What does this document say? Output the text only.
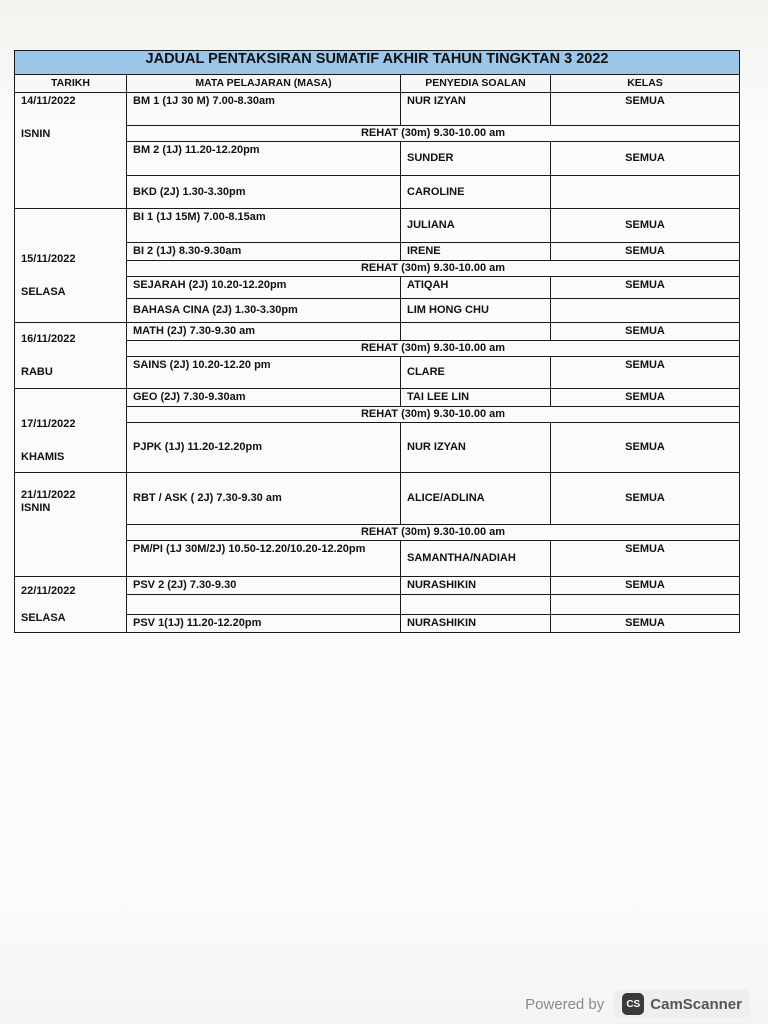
JADUAL PENTAKSIRAN SUMATIF AKHIR TAHUN TINGKTAN 3 2022			
TARIKH	MATA PELAJARAN (MASA)	PENYEDIA SOALAN	KELAS

14/11/2022
ISNIN	BM 1 (1J 30 M) 7.00-8.30am	NUR IZYAN	SEMUA
	REHAT (30m) 9.30-10.00 am		
	BM 2 (1J) 11.20-12.20pm	SUNDER	SEMUA
	BKD (2J) 1.30-3.30pm	CAROLINE	

15/11/2022
SELASA	BI 1 (1J 15M) 7.00-8.15am	JULIANA	SEMUA
	BI 2 (1J) 8.30-9.30am	IRENE	SEMUA
	REHAT (30m) 9.30-10.00 am		
	SEJARAH (2J) 10.20-12.20pm	ATIQAH	SEMUA
	BAHASA CINA (2J) 1.30-3.30pm	LIM HONG CHU	

16/11/2022
RABU	MATH (2J) 7.30-9.30 am		SEMUA
	REHAT (30m) 9.30-10.00 am		
	SAINS (2J) 10.20-12.20 pm	CLARE	SEMUA

17/11/2022
KHAMIS	GEO (2J) 7.30-9.30am	TAI LEE LIN	SEMUA
	REHAT (30m) 9.30-10.00 am		
	PJPK (1J) 11.20-12.20pm	NUR IZYAN	SEMUA

21/11/2022
ISNIN	RBT / ASK ( 2J) 7.30-9.30 am	ALICE/ADLINA	SEMUA
	REHAT (30m) 9.30-10.00 am		
	PM/PI (1J 30M/2J) 10.50-12.20/10.20-12.20pm	SAMANTHA/NADIAH	SEMUA

22/11/2022
SELASA	PSV 2 (2J) 7.30-9.30	NURASHIKIN	SEMUA

	PSV 1(1J) 11.20-12.20pm	NURASHIKIN	SEMUA
Powered by	CS CamScanner
